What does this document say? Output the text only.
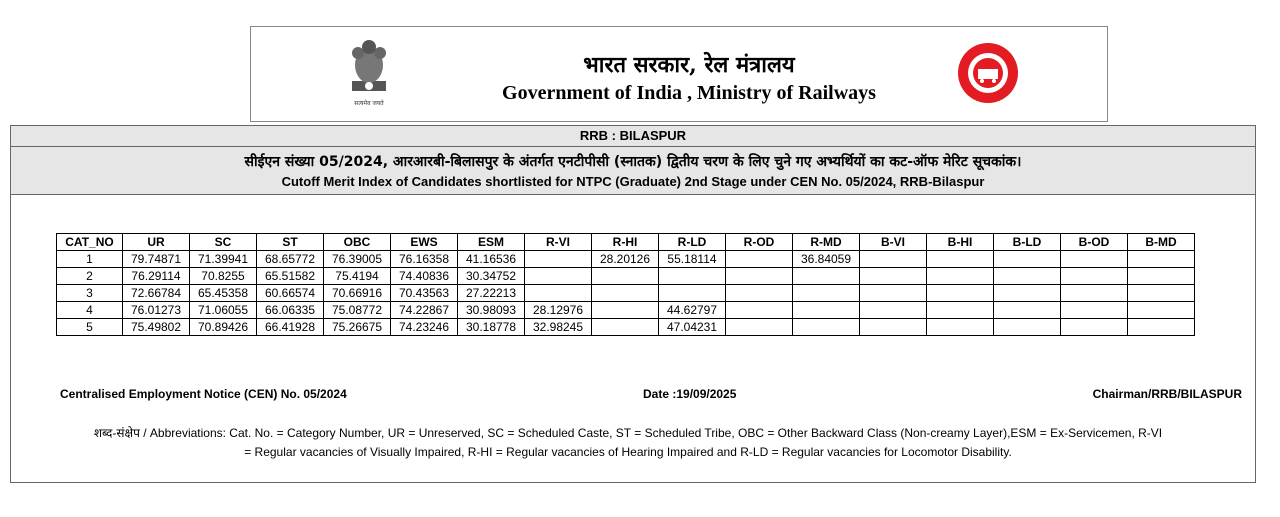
सत्यमेव जयते
भारत सरकार, रेल मंत्रालय
Government of India , Ministry of Railways
RRB : BILASPUR
सीईएन संख्या 05/2024, आरआरबी-बिलासपुर के अंतर्गत एनटीपीसी (स्नातक) द्वितीय चरण के लिए चुने गए अभ्यर्थियों का कट-ऑफ मेरिट सूचकांक।
Cutoff Merit Index of Candidates shortlisted for NTPC (Graduate) 2nd Stage under CEN No. 05/2024, RRB-Bilaspur
CAT_NO	UR	SC	ST	OBC	EWS	ESM	R-VI	R-HI	R-LD	R-OD	R-MD	B-VI	B-HI	B-LD	B-OD	B-MD
1	79.74871	71.39941	68.65772	76.39005	76.16358	41.16536		28.20126	55.18114		36.84059					
2	76.29114	70.8255	65.51582	75.4194	74.40836	30.34752										
3	72.66784	65.45358	60.66574	70.66916	70.43563	27.22213										
4	76.01273	71.06055	66.06335	75.08772	74.22867	30.98093	28.12976		44.62797							
5	75.49802	70.89426	66.41928	75.26675	74.23246	30.18778	32.98245		47.04231							
Centralised Employment Notice (CEN) No. 05/2024	Date :19/09/2025	Chairman/RRB/BILASPUR
शब्द-संक्षेप / Abbreviations: Cat. No. = Category Number, UR = Unreserved, SC = Scheduled Caste, ST = Scheduled Tribe, OBC = Other Backward Class (Non-creamy Layer),ESM = Ex-Servicemen, R-VI
= Regular vacancies of Visually Impaired, R-HI = Regular vacancies of Hearing Impaired and R-LD = Regular vacancies for Locomotor Disability.
